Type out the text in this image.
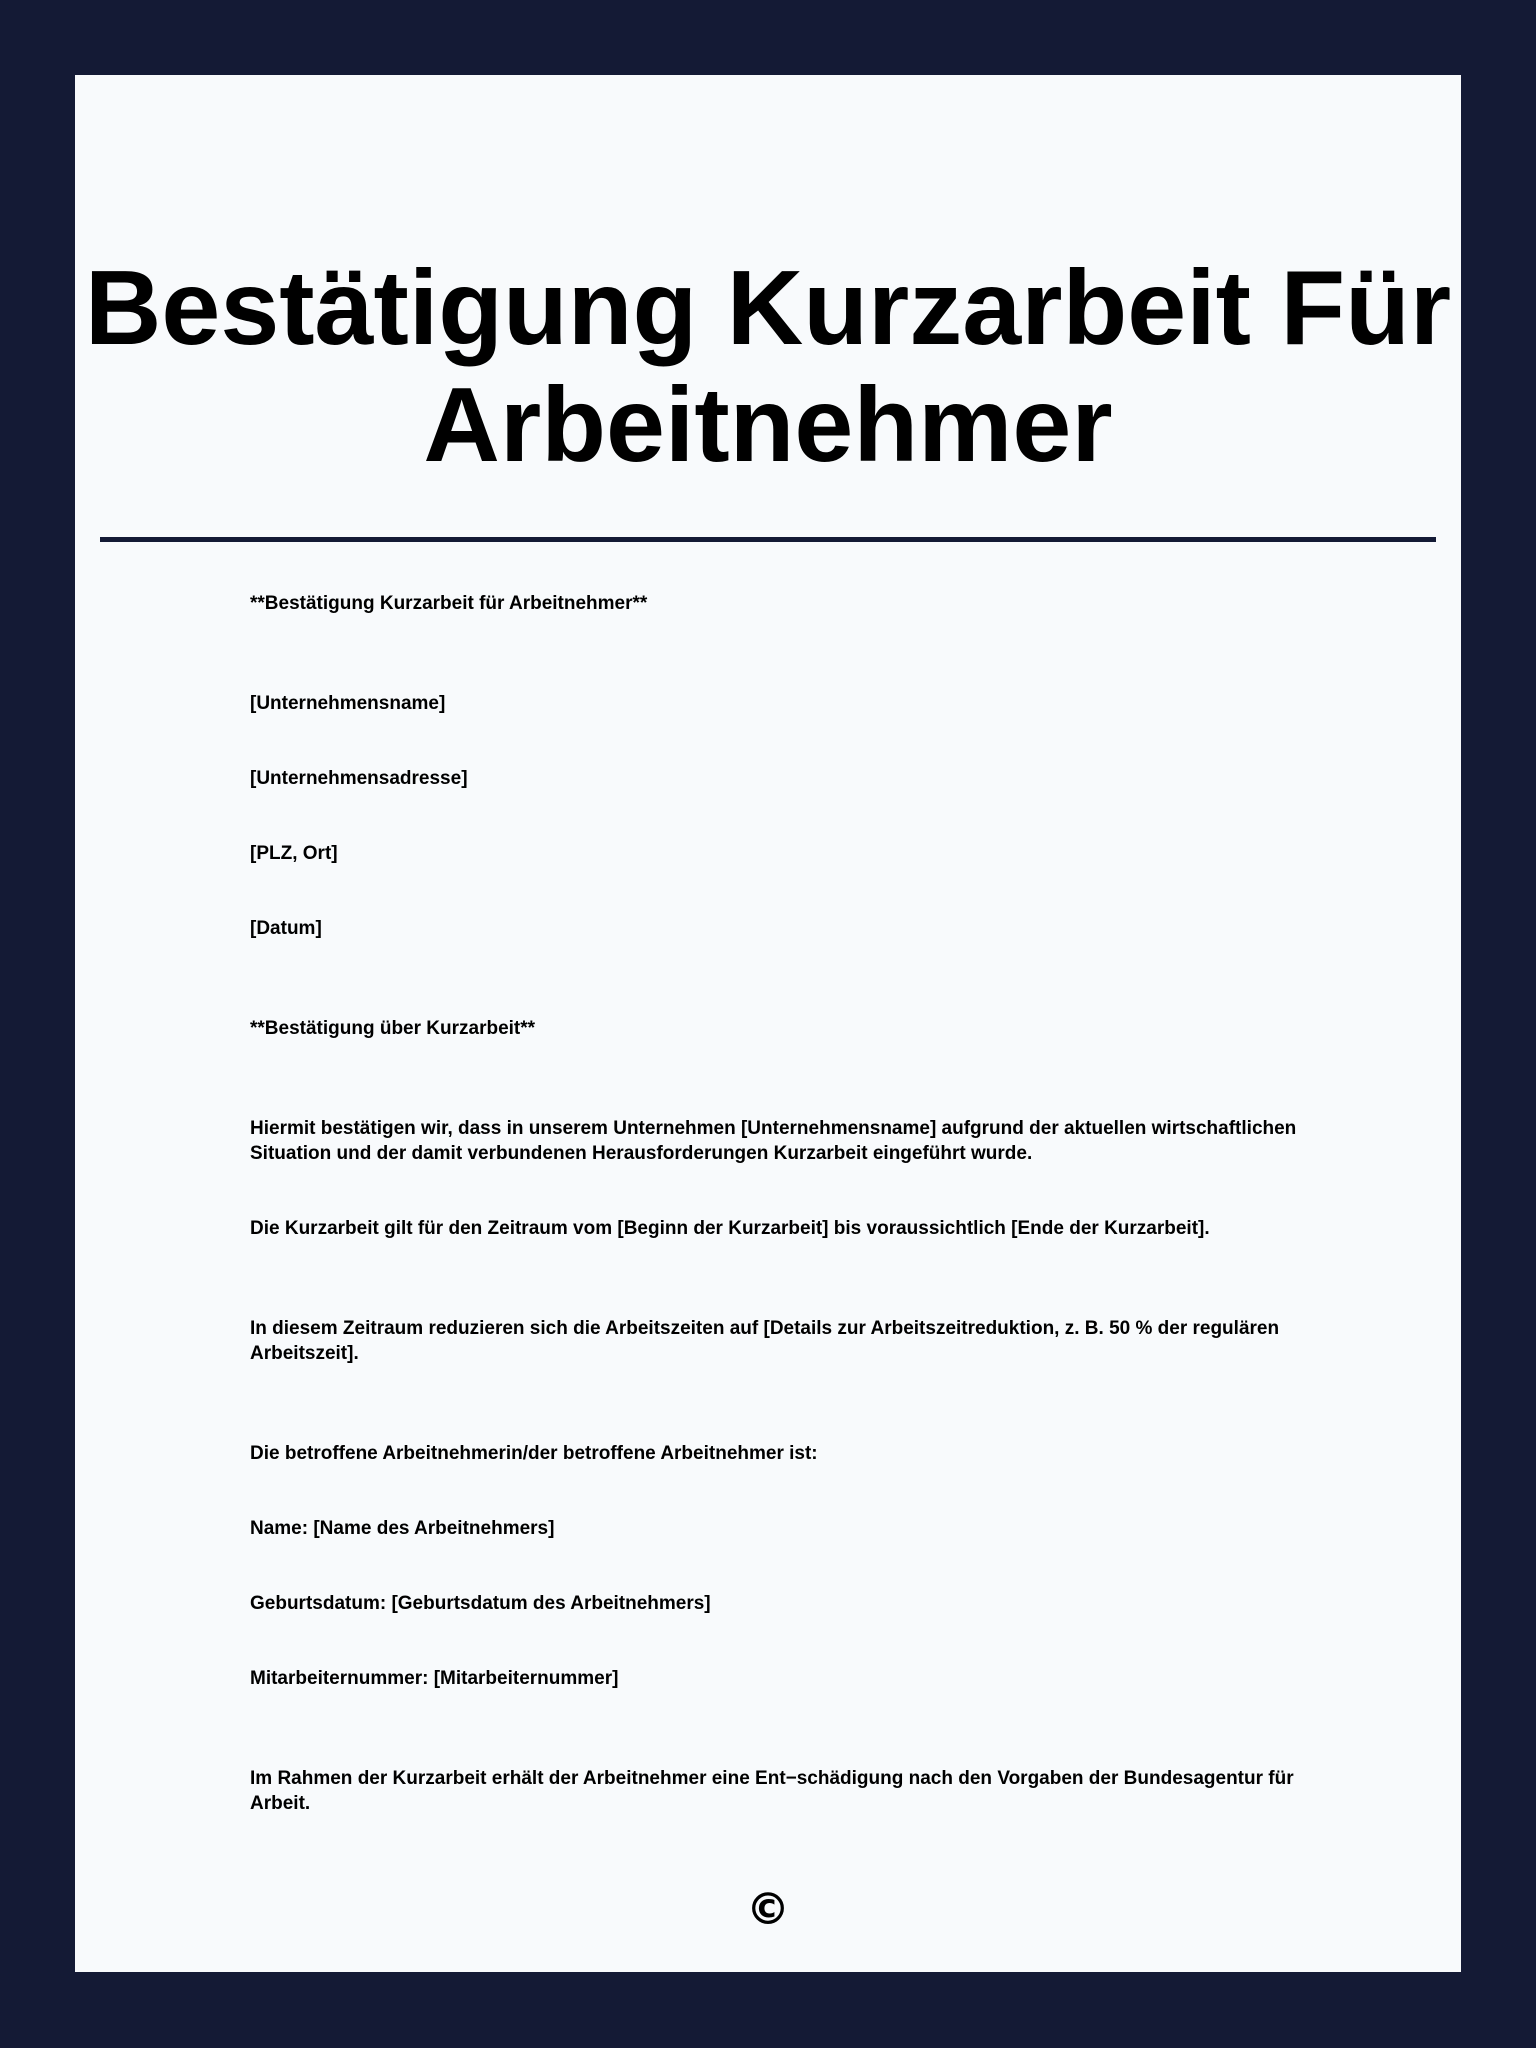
Bestätigung Kurzarbeit Für Arbeitnehmer

**Bestätigung Kurzarbeit für Arbeitnehmer**

[Unternehmensname]

[Unternehmensadresse]

[PLZ, Ort]

[Datum]

**Bestätigung über Kurzarbeit**

Hiermit bestätigen wir, dass in unserem Unternehmen [Unternehmensname] aufgrund der aktuellen wirtschaftlichen Situation und der damit verbundenen Herausforderungen Kurzarbeit eingeführt wurde.

Die Kurzarbeit gilt für den Zeitraum vom [Beginn der Kurzarbeit] bis voraussichtlich [Ende der Kurzarbeit].

In diesem Zeitraum reduzieren sich die Arbeitszeiten auf [Details zur Arbeitszeitreduktion, z. B. 50 % der regulären Arbeitszeit].

Die betroffene Arbeitnehmerin/der betroffene Arbeitnehmer ist:

Name: [Name des Arbeitnehmers]

Geburtsdatum: [Geburtsdatum des Arbeitnehmers]

Mitarbeiternummer: [Mitarbeiternummer]

Im Rahmen der Kurzarbeit erhält der Arbeitnehmer eine Ent−schädigung nach den Vorgaben der Bundesagentur für Arbeit.

©
